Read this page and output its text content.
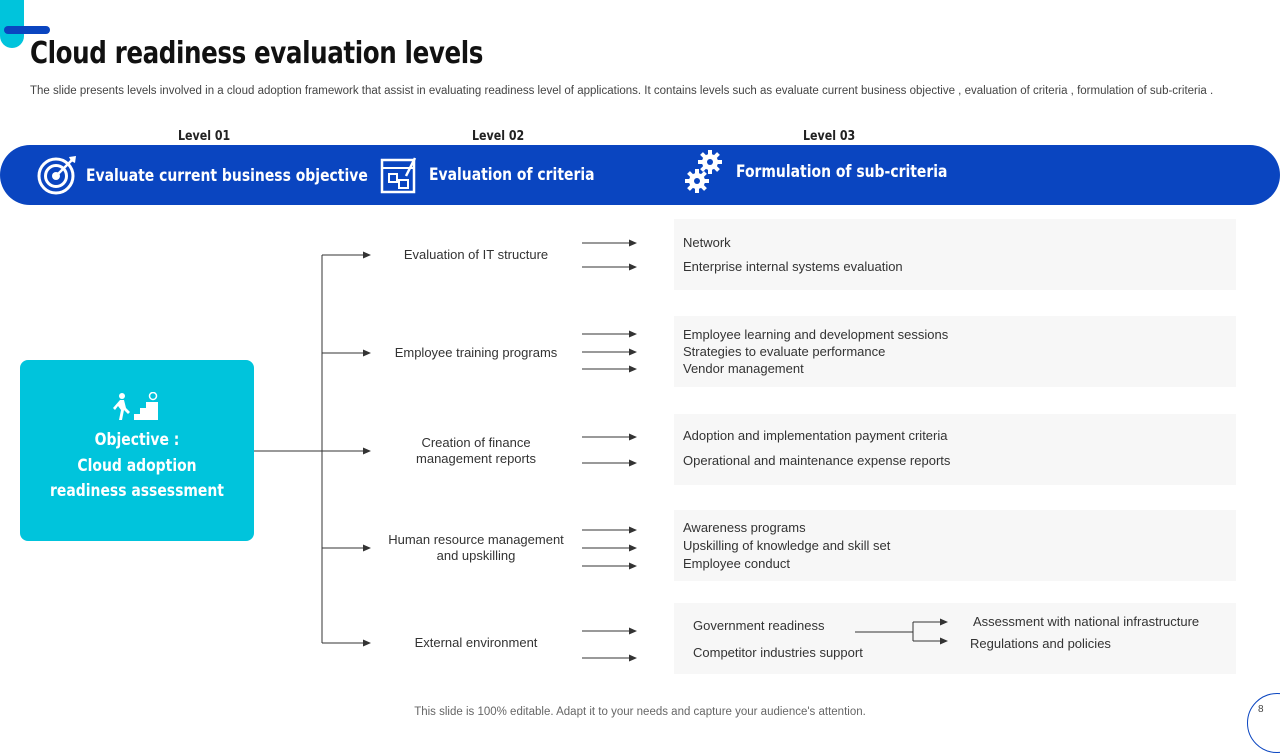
Cloud readiness evaluation levels

The slide presents levels involved in a cloud adoption framework that assist in evaluating readiness level of applications. It contains levels such as evaluate current business objective , evaluation of criteria , formulation of sub-criteria .

Level 01	Level 02	Level 03
Evaluate current business objective	Evaluation of criteria	Formulation of sub-criteria
Objective :
Cloud adoption
readiness assessment
Evaluation of IT structure
Employee training programs
Creation of finance management reports
Human resource management and upskilling
External environment
Network
Enterprise internal systems evaluation
Employee learning and development sessions
Strategies to evaluate performance
Vendor management
Adoption and implementation payment criteria
Operational and maintenance expense reports
Awareness programs
Upskilling of knowledge and skill set
Employee conduct
Government readiness
Competitor industries support
Assessment with national infrastructure
Regulations and policies
This slide is 100% editable. Adapt it to your needs and capture your audience's attention.	8
